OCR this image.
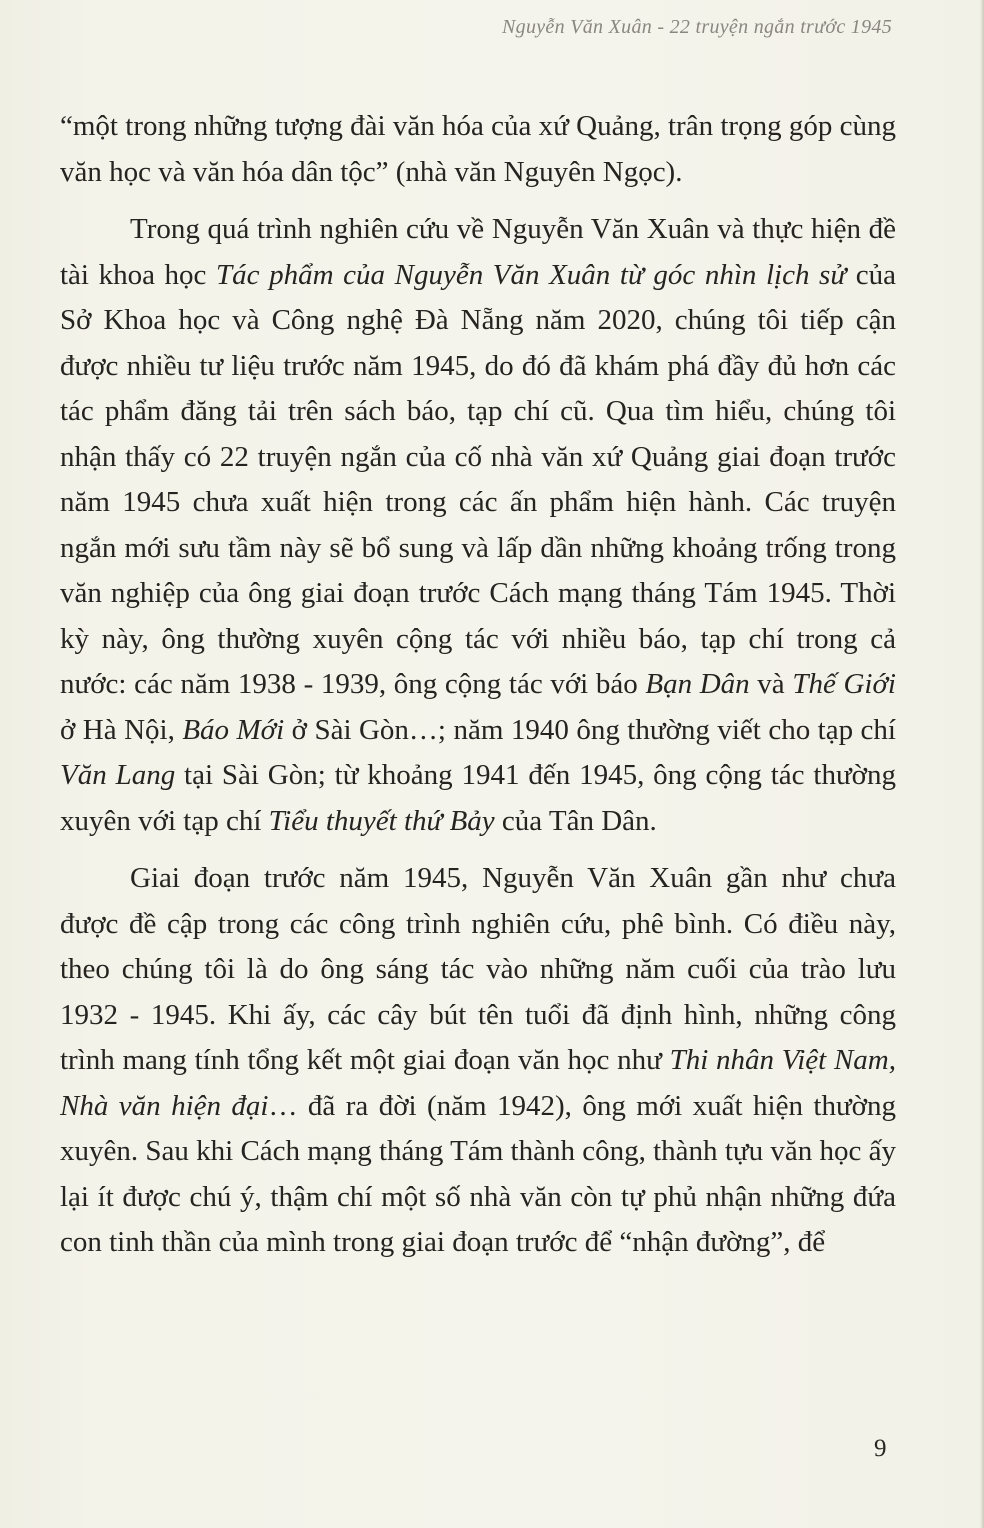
Nguyễn Văn Xuân - 22 truyện ngắn trước 1945

“một trong những tượng đài văn hóa của xứ Quảng, trân trọng góp cùng văn học và văn hóa dân tộc” (nhà văn Nguyên Ngọc).

Trong quá trình nghiên cứu về Nguyễn Văn Xuân và thực hiện đề tài khoa học Tác phẩm của Nguyễn Văn Xuân từ góc nhìn lịch sử của Sở Khoa học và Công nghệ Đà Nẵng năm 2020, chúng tôi tiếp cận được nhiều tư liệu trước năm 1945, do đó đã khám phá đầy đủ hơn các tác phẩm đăng tải trên sách báo, tạp chí cũ. Qua tìm hiểu, chúng tôi nhận thấy có 22 truyện ngắn của cố nhà văn xứ Quảng giai đoạn trước năm 1945 chưa xuất hiện trong các ấn phẩm hiện hành. Các truyện ngắn mới sưu tầm này sẽ bổ sung và lấp dần những khoảng trống trong văn nghiệp của ông giai đoạn trước Cách mạng tháng Tám 1945. Thời kỳ này, ông thường xuyên cộng tác với nhiều báo, tạp chí trong cả nước: các năm 1938 - 1939, ông cộng tác với báo Bạn Dân và Thế Giới ở Hà Nội, Báo Mới ở Sài Gòn…; năm 1940 ông thường viết cho tạp chí Văn Lang tại Sài Gòn; từ khoảng 1941 đến 1945, ông cộng tác thường xuyên với tạp chí Tiểu thuyết thứ Bảy của Tân Dân.

Giai đoạn trước năm 1945, Nguyễn Văn Xuân gần như chưa được đề cập trong các công trình nghiên cứu, phê bình. Có điều này, theo chúng tôi là do ông sáng tác vào những năm cuối của trào lưu 1932 - 1945. Khi ấy, các cây bút tên tuổi đã định hình, những công trình mang tính tổng kết một giai đoạn văn học như Thi nhân Việt Nam, Nhà văn hiện đại… đã ra đời (năm 1942), ông mới xuất hiện thường xuyên. Sau khi Cách mạng tháng Tám thành công, thành tựu văn học ấy lại ít được chú ý, thậm chí một số nhà văn còn tự phủ nhận những đứa con tinh thần của mình trong giai đoạn trước để “nhận đường”, để

9
